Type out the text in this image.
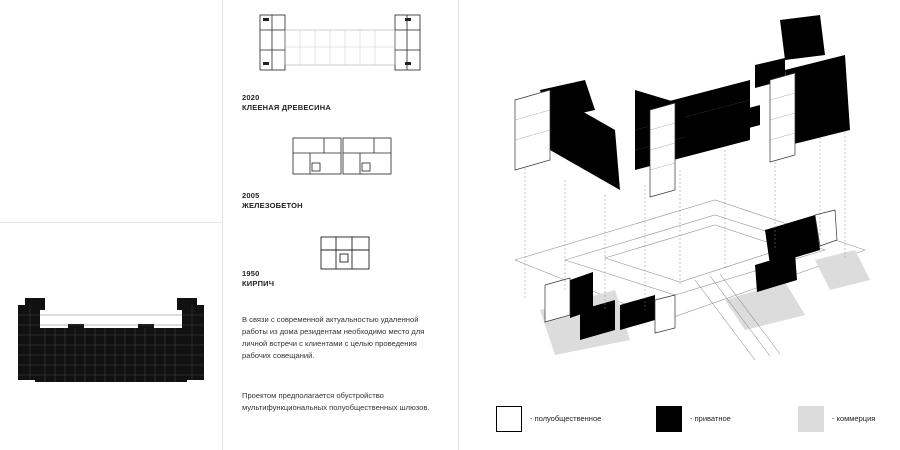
2020
КЛЕЕНАЯ ДРЕВЕСИНА
2005
ЖЕЛЕЗОБЕТОН
1950
КИРПИЧ
В связи с современной актуальностью удаленной работы из дома резидентам необходимо место для личной встречи с клиентами с целью проведения рабочих совещаний.
Проектом предполагается обустройство мультифункциональных полуобщественных шлюзов.
- полуобщественное	- приватное	- коммерция
